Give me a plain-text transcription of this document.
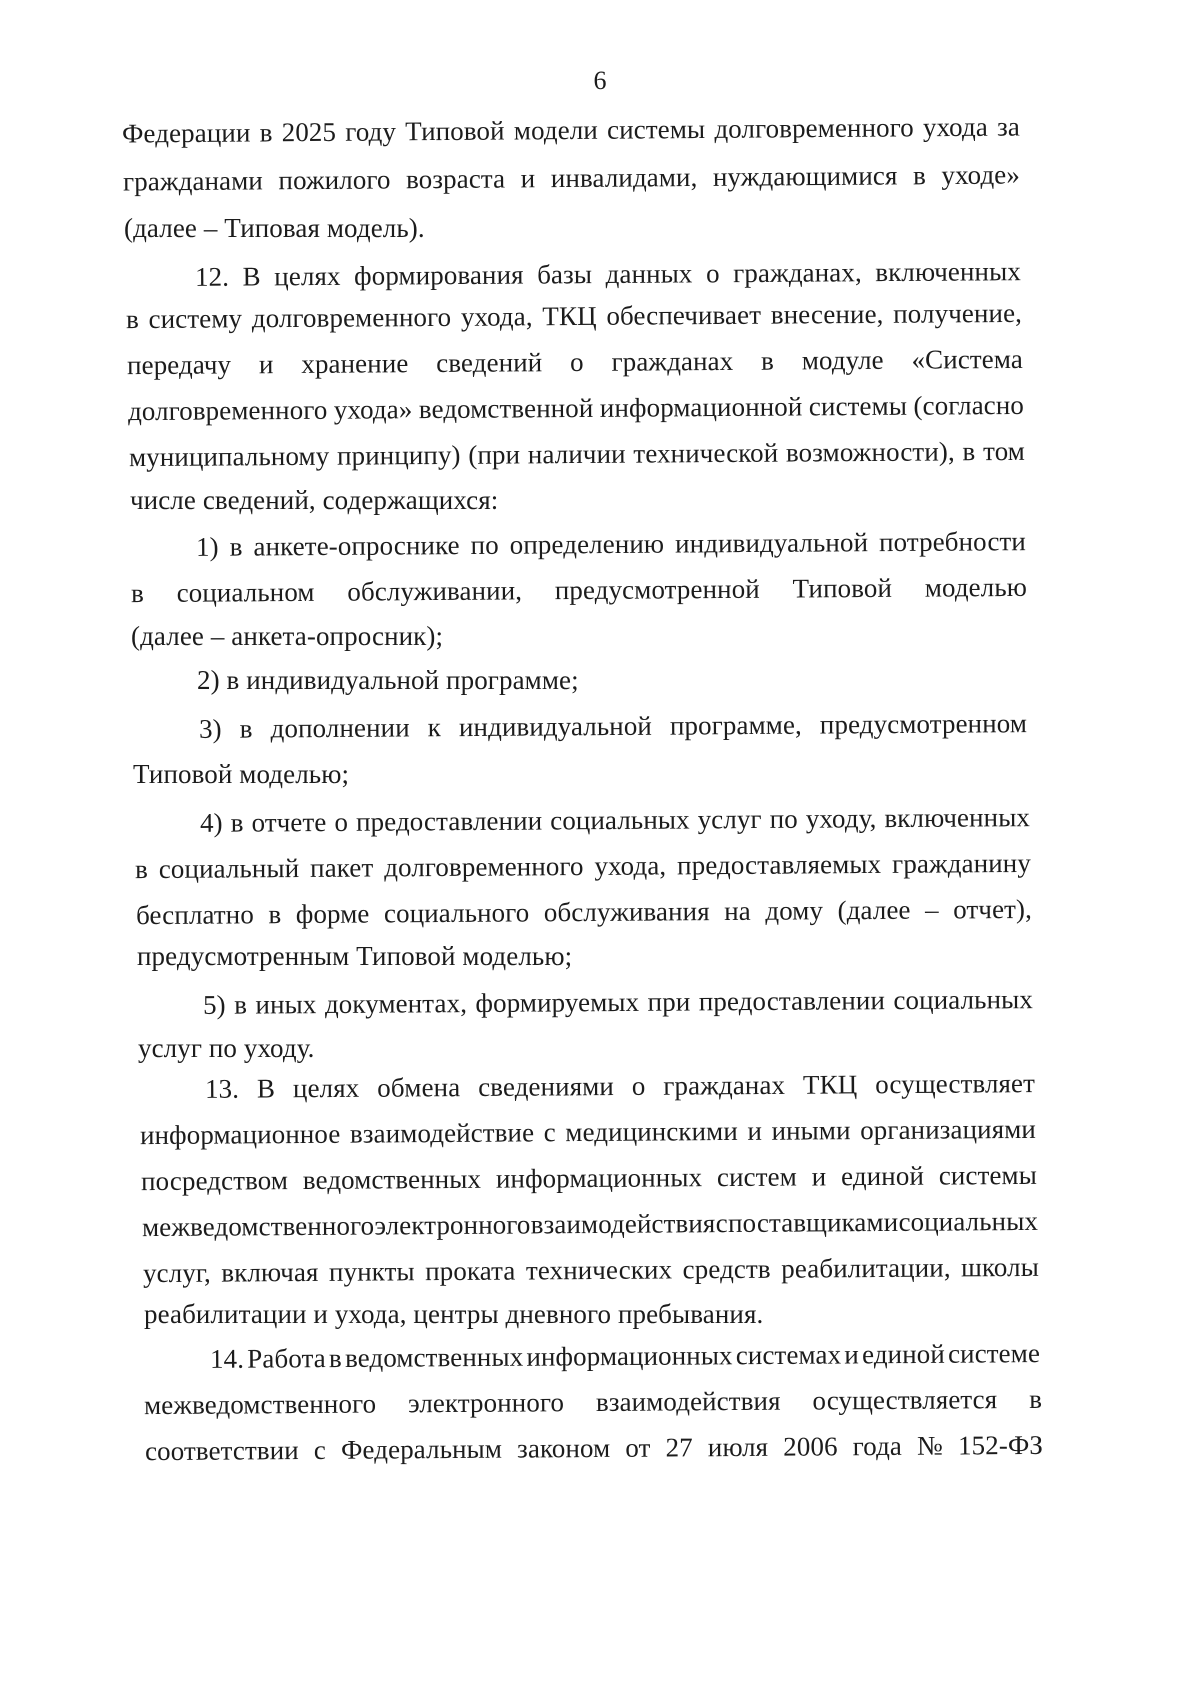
6
Федерации в 2025 году Типовой модели системы долговременного ухода за
гражданами пожилого возраста и инвалидами, нуждающимися в уходе»
(далее – Типовая модель).
12. В целях формирования базы данных о гражданах, включенных
в систему долговременного ухода, ТКЦ обеспечивает внесение, получение,
передачу и хранение сведений о гражданах в модуле «Система
долговременного ухода» ведомственной информационной системы (согласно
муниципальному принципу) (при наличии технической возможности), в том
числе сведений, содержащихся:
1) в анкете-опроснике по определению индивидуальной потребности
в социальном обслуживании, предусмотренной Типовой моделью
(далее – анкета-опросник);
2) в индивидуальной программе;
3) в дополнении к индивидуальной программе, предусмотренном
Типовой моделью;
4) в отчете о предоставлении социальных услуг по уходу, включенных
в социальный пакет долговременного ухода, предоставляемых гражданину
бесплатно в форме социального обслуживания на дому (далее – отчет),
предусмотренным Типовой моделью;
5) в иных документах, формируемых при предоставлении социальных
услуг по уходу.
13. В целях обмена сведениями о гражданах ТКЦ осуществляет
информационное взаимодействие с медицинскими и иными организациями
посредством ведомственных информационных систем и единой системы
межведомственного электронного взаимодействия с поставщиками социальных
услуг, включая пункты проката технических средств реабилитации, школы
реабилитации и ухода, центры дневного пребывания.
14. Работа в ведомственных информационных системах и единой системе
межведомственного электронного взаимодействия осуществляется в
соответствии с Федеральным законом от 27 июля 2006 года № 152-ФЗ
